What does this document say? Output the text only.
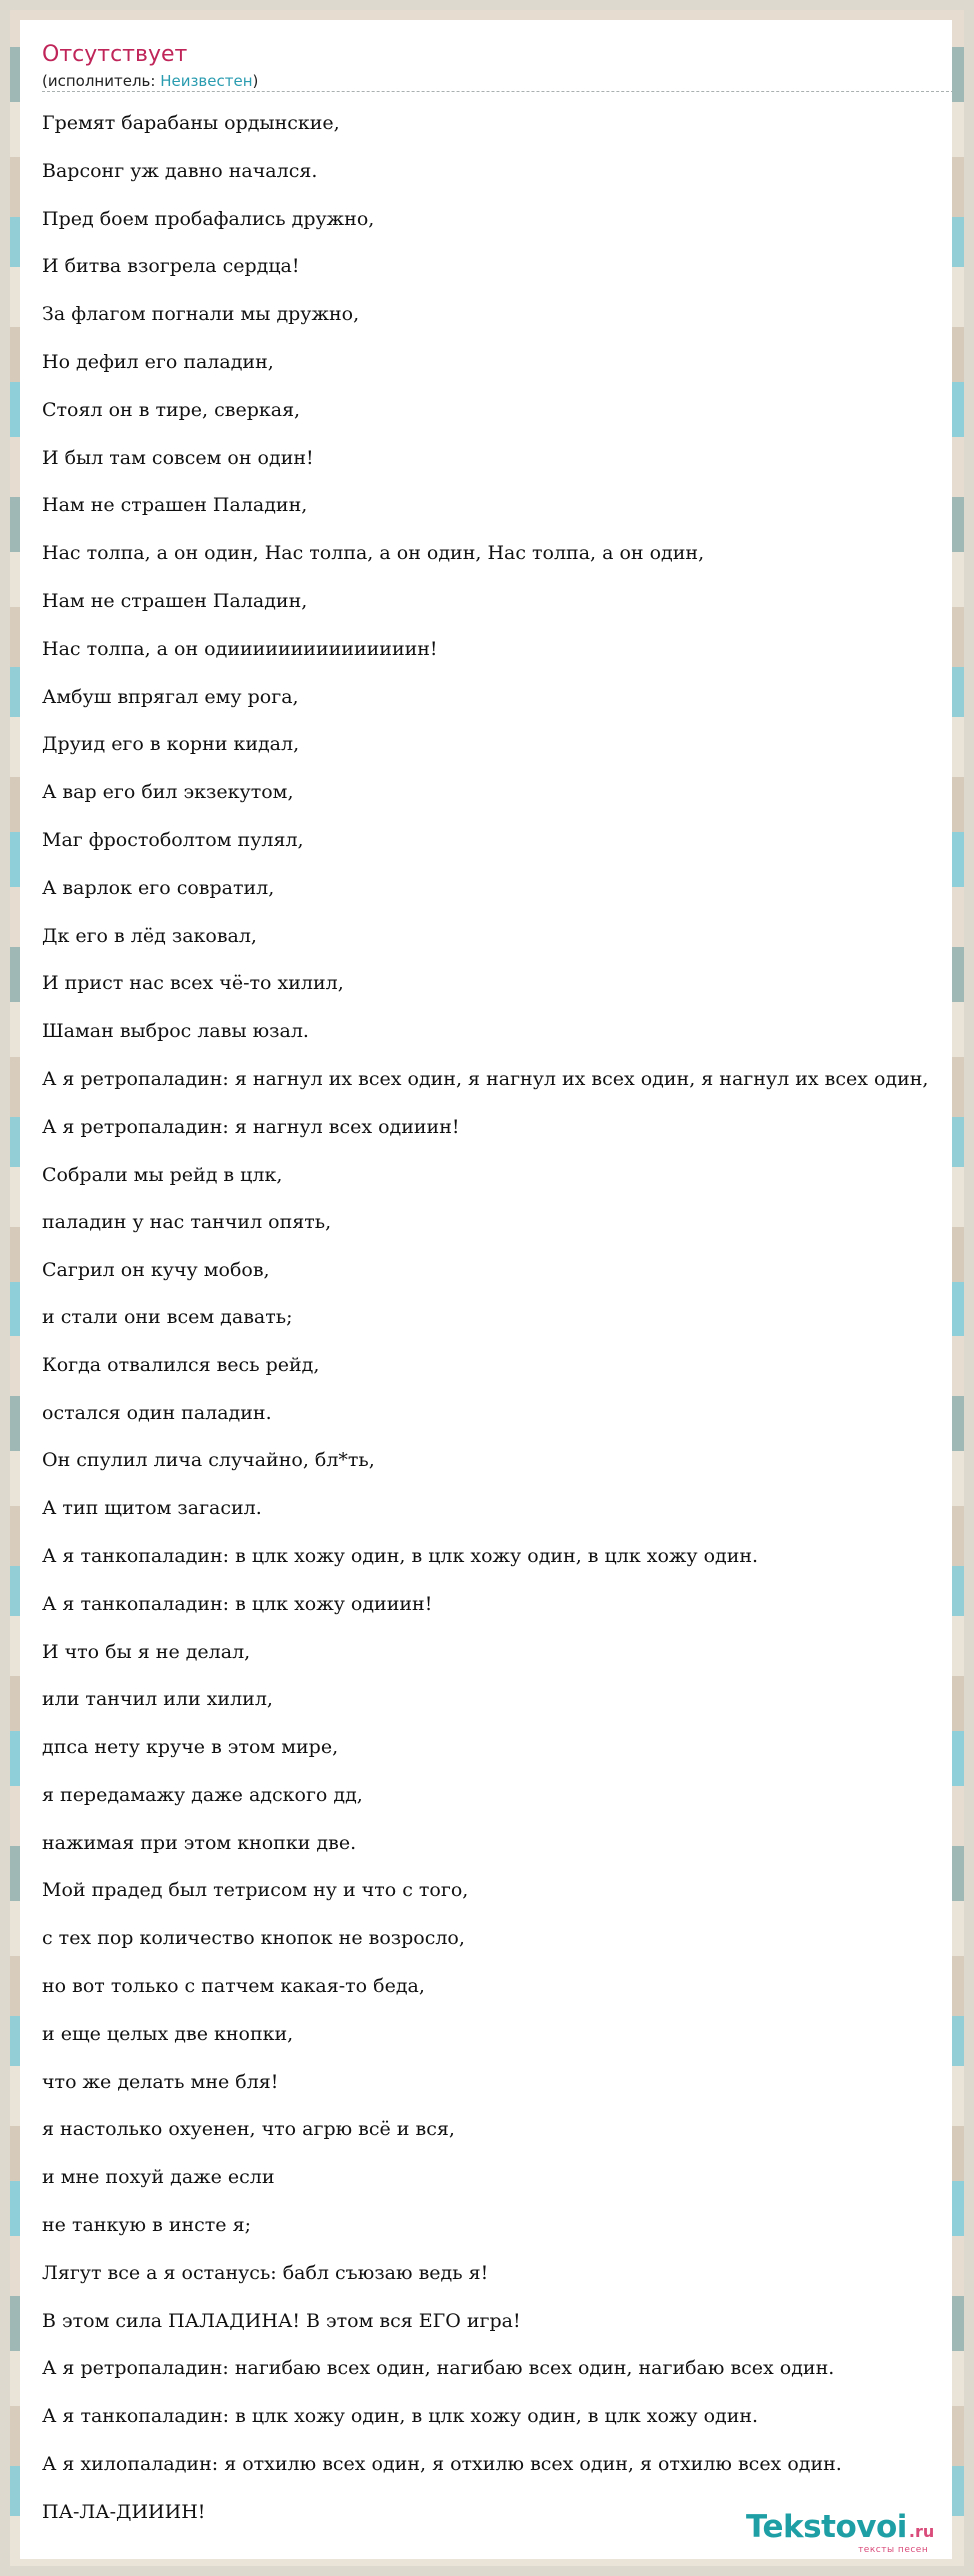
Отсутствует
(исполнитель: Неизвестен)
Гремят барабаны ордынские,
Варсонг уж давно начался.
Пред боем пробафались дружно,
И битва взогрела сердца!
За флагом погнали мы дружно,
Но дефил его паладин,
Стоял он в тире, сверкая,
И был там совсем он один!
Нам не страшен Паладин,
Нас толпа, а он один, Нас толпа, а он один, Нас толпа, а он один,
Нам не страшен Паладин,
Нас толпа, а он одииииииииииииииин!
Амбуш впрягал ему рога,
Друид его в корни кидал,
А вар его бил экзекутом,
Маг фростоболтом пулял,
А варлок его совратил,
Дк его в лёд заковал,
И прист нас всех чё-то хилил,
Шаман выброс лавы юзал.
А я ретропаладин: я нагнул их всех один, я нагнул их всех один, я нагнул их всех один,
А я ретропаладин: я нагнул всех одииин!
Собрали мы рейд в цлк,
паладин у нас танчил опять,
Сагрил он кучу мобов,
и стали они всем давать;
Когда отвалился весь рейд,
остался один паладин.
Он спулил лича случайно, бл*ть,
А тип щитом загасил.
А я танкопаладин: в цлк хожу один, в цлк хожу один, в цлк хожу один.
А я танкопаладин: в цлк хожу одииин!
И что бы я не делал,
или танчил или хилил,
дпса нету круче в этом мире,
я передамажу даже адского дд,
нажимая при этом кнопки две.
Мой прадед был тетрисом ну и что с того,
с тех пор количество кнопок не возросло,
но вот только с патчем какая-то беда,
и еще целых две кнопки,
что же делать мне бля!
я настолько охуенен, что агрю всё и вся,
и мне похуй даже если
не танкую в инсте я;
Лягут все а я останусь: бабл съюзаю ведь я!
В этом сила ПАЛАДИНА! В этом вся ЕГО игра!
А я ретропаладин: нагибаю всех один, нагибаю всех один, нагибаю всех один.
А я танкопаладин: в цлк хожу один, в цлк хожу один, в цлк хожу один.
А я хилопаладин: я отхилю всех один, я отхилю всех один, я отхилю всех один.
ПА-ЛА-ДИИИН!	Tekstovoi .ru
тексты песен
